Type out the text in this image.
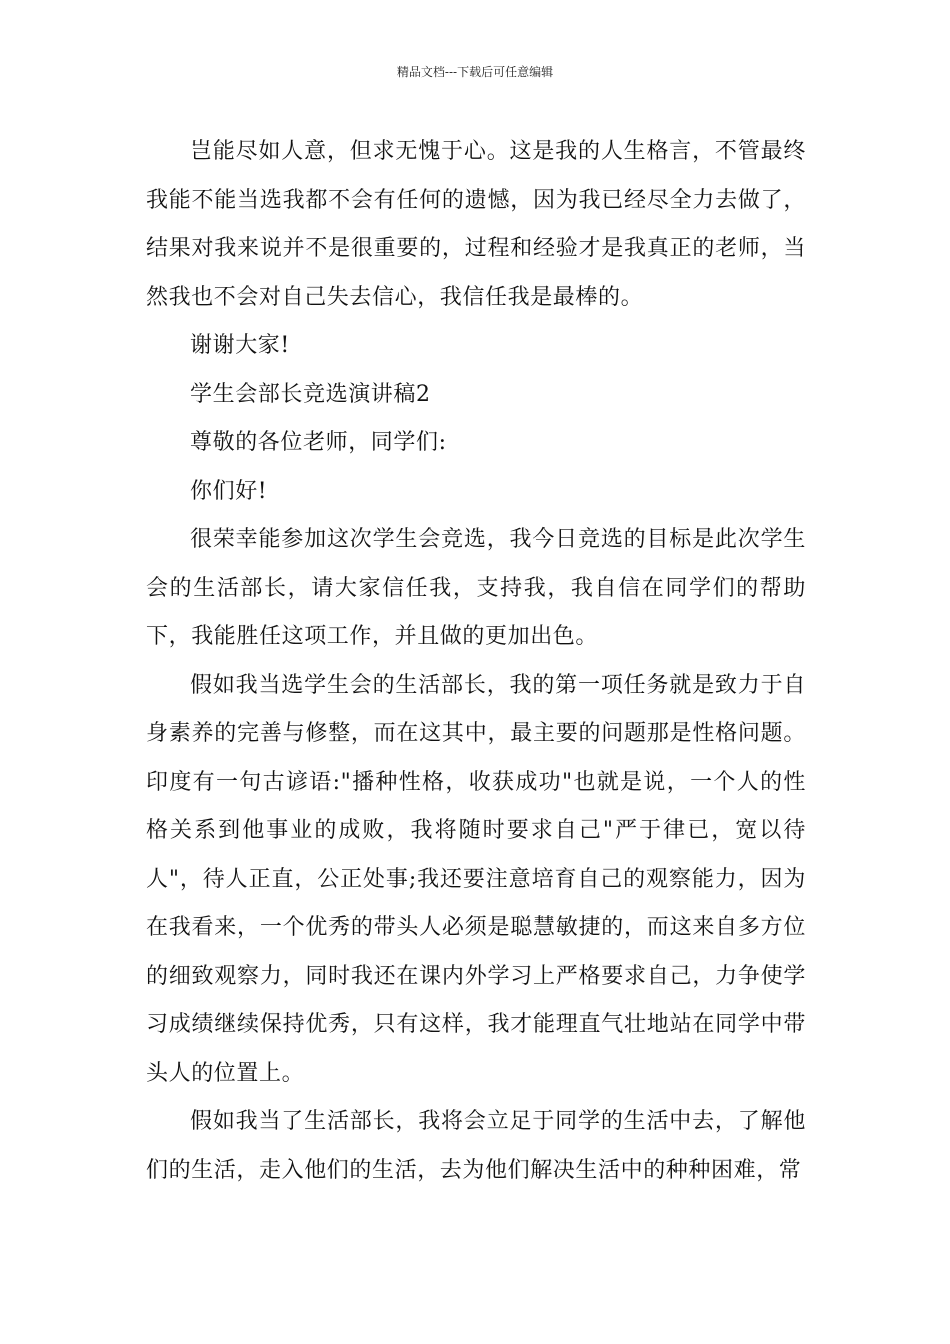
精品文档---下载后可任意编辑

岂能尽如人意，但求无愧于心。这是我的人生格言，不管最终我能不能当选我都不会有任何的遗憾，因为我已经尽全力去做了，结果对我来说并不是很重要的，过程和经验才是我真正的老师，当然我也不会对自己失去信心，我信任我是最棒的。

谢谢大家!

学生会部长竞选演讲稿2

尊敬的各位老师，同学们:

你们好!

很荣幸能参加这次学生会竞选，我今日竞选的目标是此次学生会的生活部长，请大家信任我，支持我，我自信在同学们的帮助下，我能胜任这项工作，并且做的更加出色。

假如我当选学生会的生活部长，我的第一项任务就是致力于自身素养的完善与修整，而在这其中，最主要的问题那是性格问题。印度有一句古谚语:"播种性格，收获成功"也就是说，一个人的性格关系到他事业的成败，我将随时要求自己"严于律已，宽以待人"，待人正直，公正处事;我还要注意培育自己的观察能力，因为在我看来，一个优秀的带头人必须是聪慧敏捷的，而这来自多方位的细致观察力，同时我还在课内外学习上严格要求自己，力争使学习成绩继续保持优秀，只有这样，我才能理直气壮地站在同学中带头人的位置上。

假如我当了生活部长，我将会立足于同学的生活中去，了解他们的生活，走入他们的生活，去为他们解决生活中的种种困难，常
